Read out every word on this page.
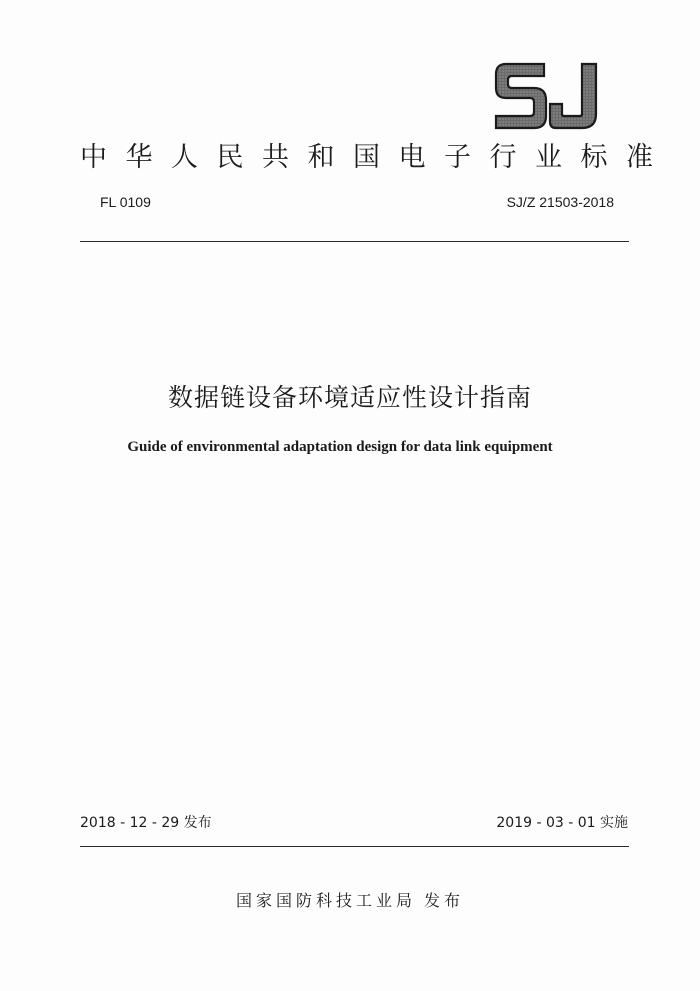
中华人民共和国电子行业标准
FL 0109	SJ/Z 21503-2018
数据链设备环境适应性设计指南
Guide of environmental adaptation design for data link equipment
2018 - 12 - 29 发布	2019 - 03 - 01 实施
国家国防科技工业局 发布
